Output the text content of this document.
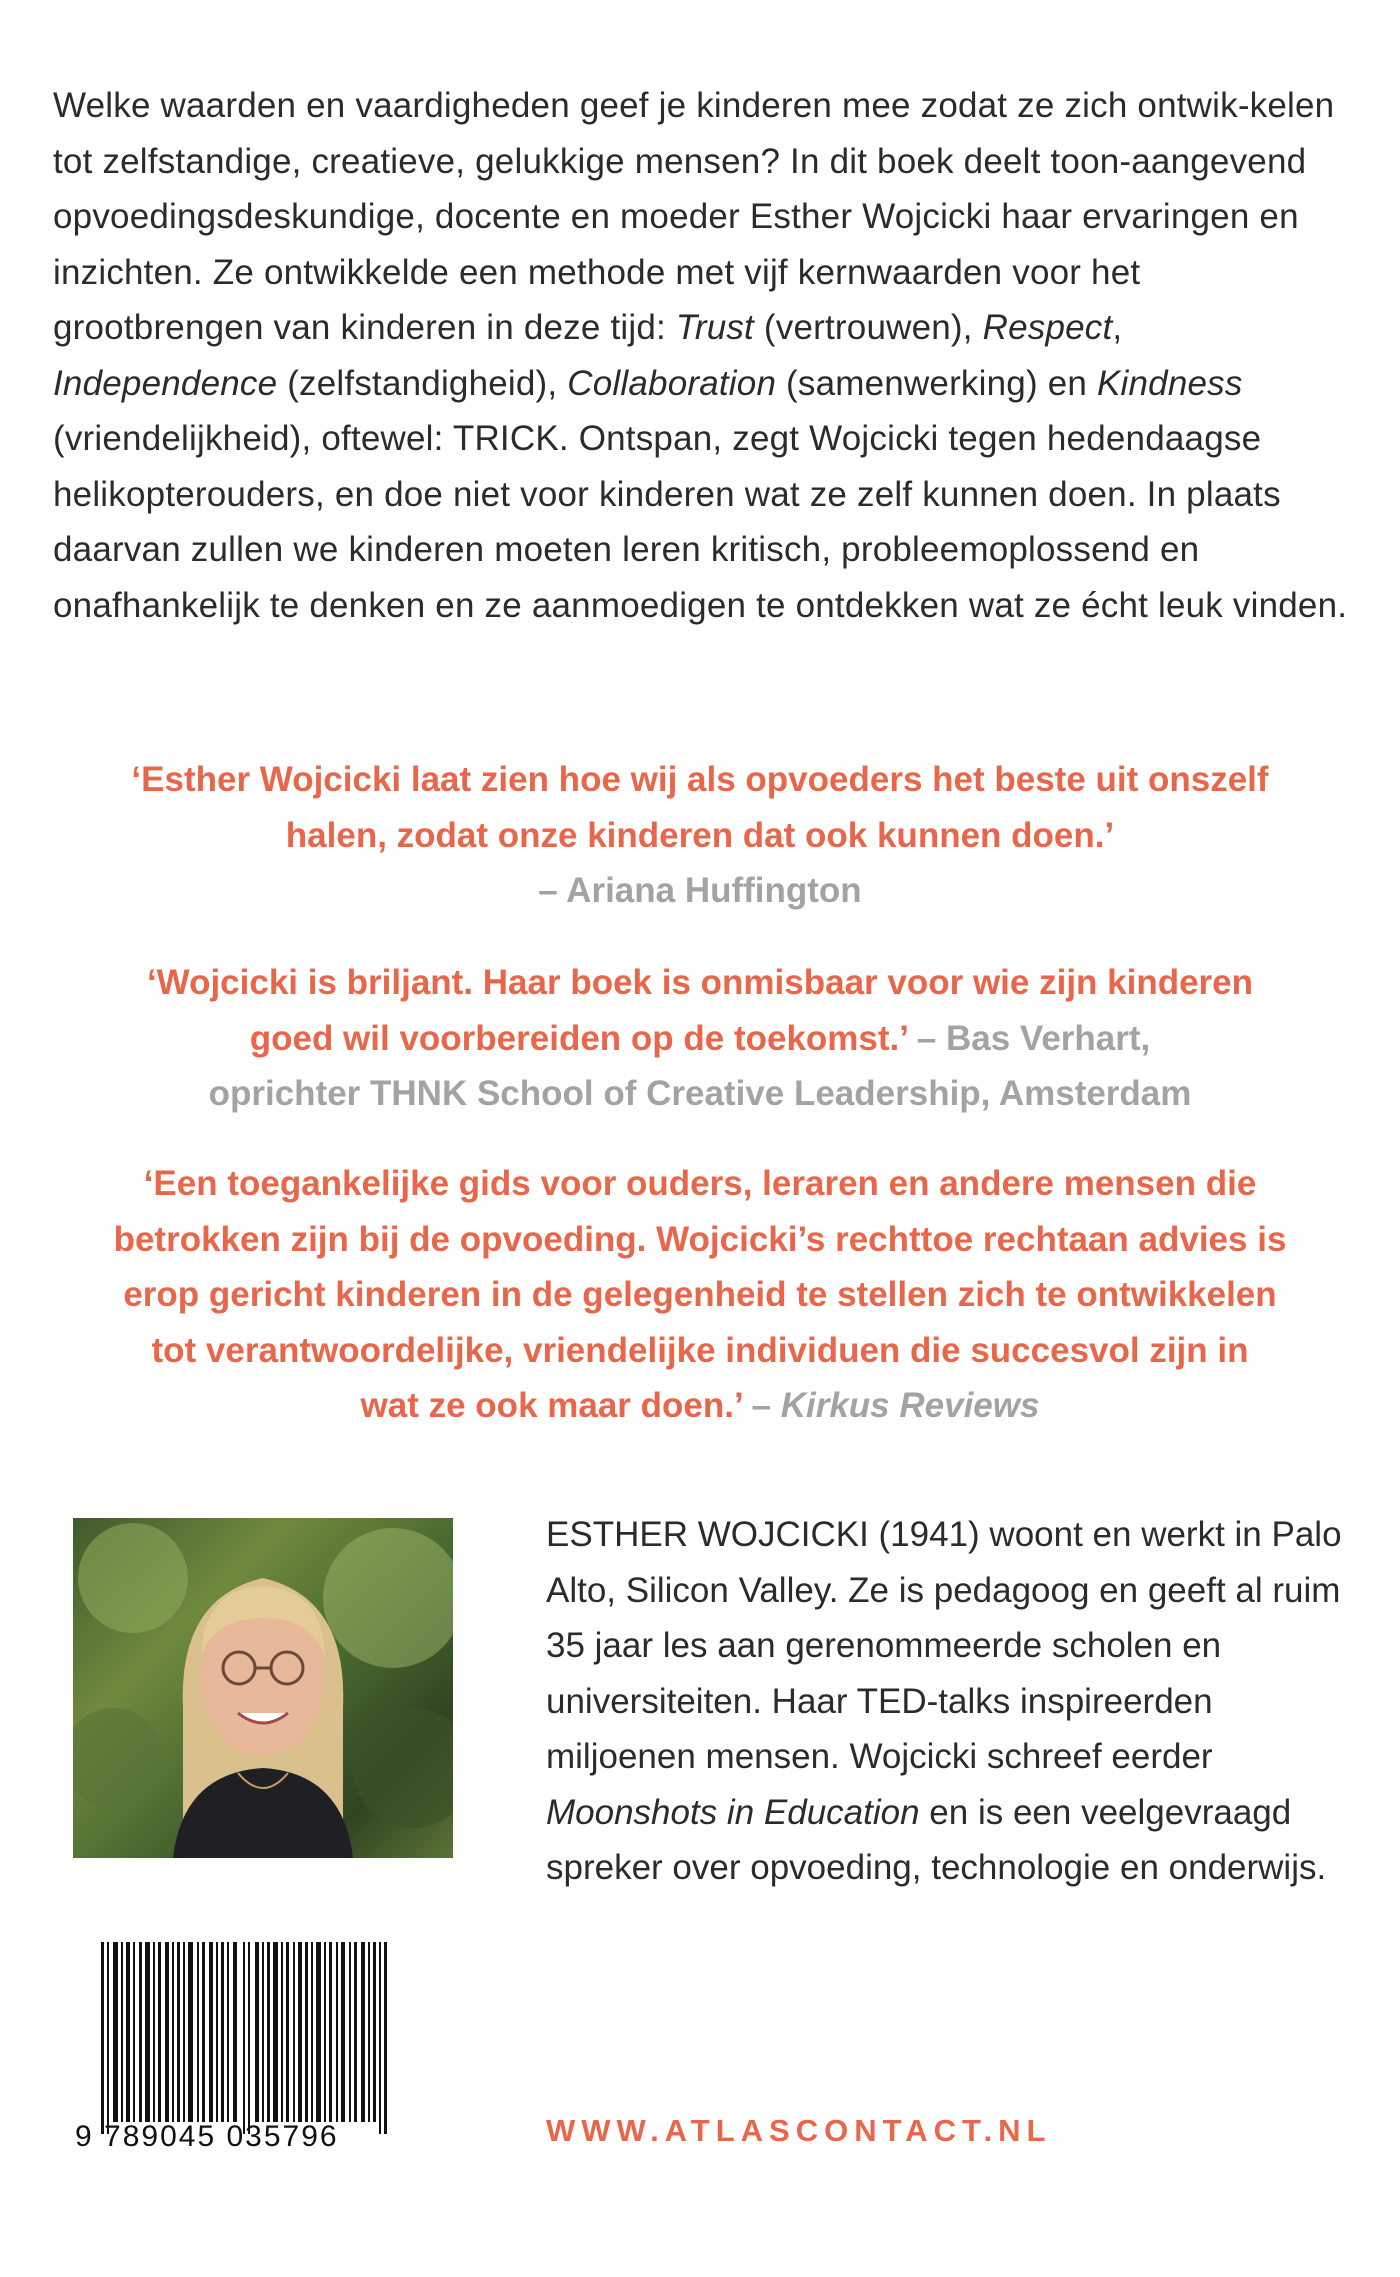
Welke waarden en vaardigheden geef je kinderen mee zodat ze zich ontwik-kelen tot zelfstandige, creatieve, gelukkige mensen? In dit boek deelt toon-aangevend opvoedingsdeskundige, docente en moeder Esther Wojcicki haar ervaringen en inzichten. Ze ontwikkelde een methode met vijf kernwaarden voor het grootbrengen van kinderen in deze tijd: Trust (vertrouwen), Respect, Independence (zelfstandigheid), Collaboration (samenwerking) en Kindness (vriendelijkheid), oftewel: TRICK. Ontspan, zegt Wojcicki tegen hedendaagse helikopterouders, en doe niet voor kinderen wat ze zelf kunnen doen. In plaats daarvan zullen we kinderen moeten leren kritisch, probleemoplossend en onafhankelijk te denken en ze aanmoedigen te ontdekken wat ze écht leuk vinden.

‘Esther Wojcicki laat zien hoe wij als opvoeders het beste uit onszelf
halen, zodat onze kinderen dat ook kunnen doen.’
– Ariana Huffington

‘Wojcicki is briljant. Haar boek is onmisbaar voor wie zijn kinderen
goed wil voorbereiden op de toekomst.’ – Bas Verhart,
oprichter THNK School of Creative Leadership, Amsterdam

‘Een toegankelijke gids voor ouders, leraren en andere mensen die
betrokken zijn bij de opvoeding. Wojcicki’s rechttoe rechtaan advies is
erop gericht kinderen in de gelegenheid te stellen zich te ontwikkelen
tot verantwoordelijke, vriendelijke individuen die succesvol zijn in
wat ze ook maar doen.’ – Kirkus Reviews

ESTHER WOJCICKI (1941) woont en werkt in Palo Alto, Silicon Valley. Ze is pedagoog en geeft al ruim 35 jaar les aan gerenommeerde scholen en universiteiten. Haar TED-talks inspireerden miljoenen mensen. Wojcicki schreef eerder Moonshots in Education en is een veelgevraagd spreker over opvoeding, technologie en onderwijs.

9 789045 035796	WWW.ATLASCONTACT.NL
